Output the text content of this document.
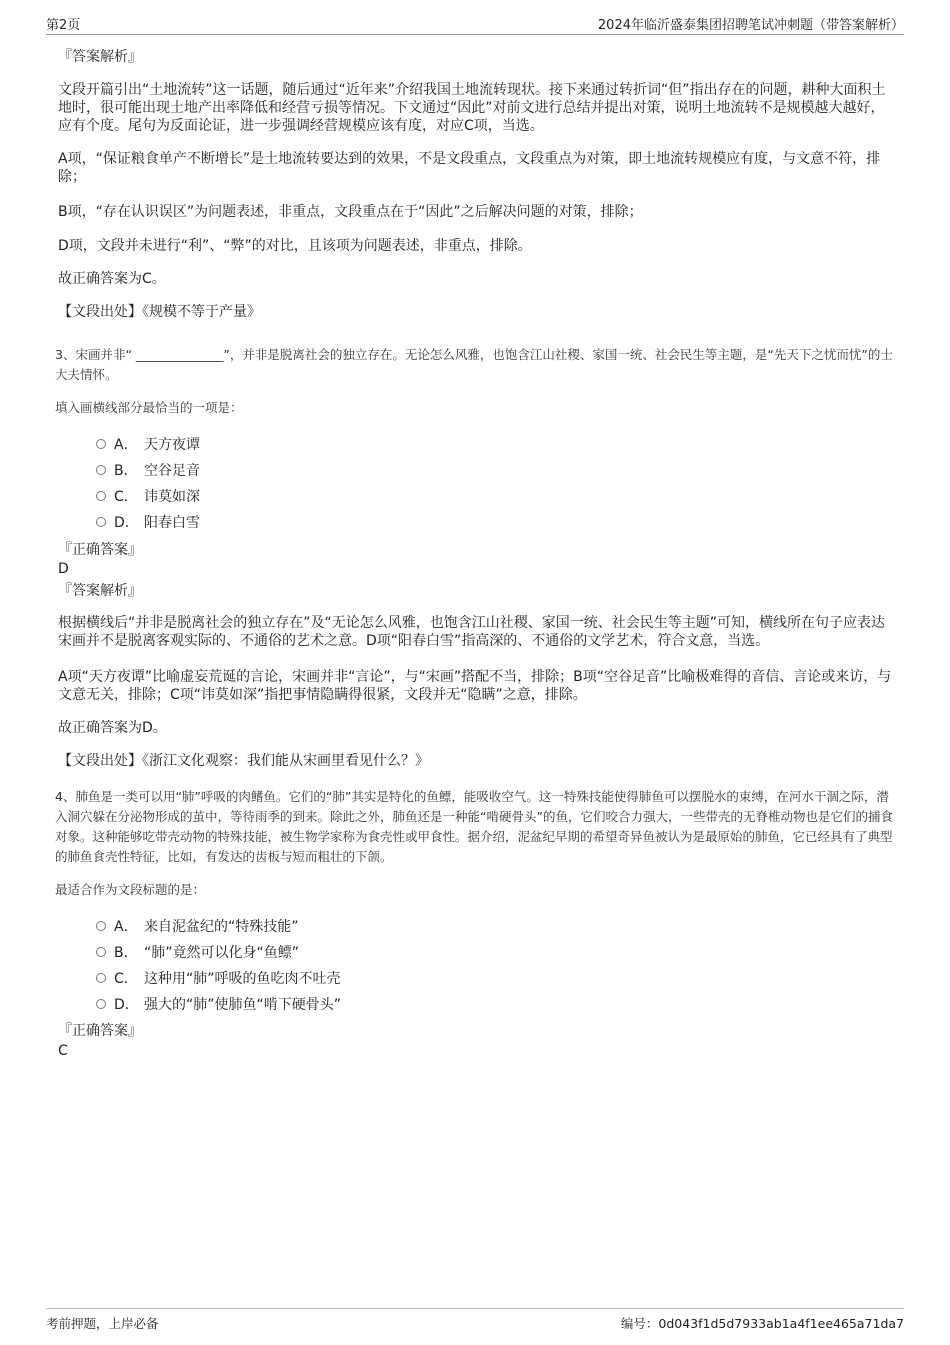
第2页	2024年临沂盛泰集团招聘笔试冲刺题（带答案解析）

『答案解析』

文段开篇引出“土地流转”这一话题，随后通过“近年来”介绍我国土地流转现状。接下来通过转折词“但”指出存在的问题，耕种大面积土地时，很可能出现土地产出率降低和经营亏损等情况。下文通过“因此”对前文进行总结并提出对策，说明土地流转不是规模越大越好，应有个度。尾句为反面论证，进一步强调经营规模应该有度，对应C项，当选。

A项，“保证粮食单产不断增长”是土地流转要达到的效果，不是文段重点，文段重点为对策，即土地流转规模应有度，与文意不符，排除；

B项，“存在认识误区”为问题表述，非重点，文段重点在于“因此”之后解决问题的对策，排除；

D项，文段并未进行“利”、“弊”的对比，且该项为问题表述，非重点，排除。

故正确答案为C。

【文段出处】《规模不等于产量》

3、宋画并非“ ______________”，并非是脱离社会的独立存在。无论怎么风雅，也饱含江山社稷、家国一统、社会民生等主题，是“先天下之忧而忧”的士大夫情怀。

填入画横线部分最恰当的一项是：

A． 天方夜谭
B． 空谷足音
C． 讳莫如深
D． 阳春白雪

『正确答案』

D

『答案解析』

根据横线后“并非是脱离社会的独立存在”及“无论怎么风雅，也饱含江山社稷、家国一统、社会民生等主题”可知，横线所在句子应表达宋画并不是脱离客观实际的、不通俗的艺术之意。D项“阳春白雪”指高深的、不通俗的文学艺术，符合文意，当选。

A项“天方夜谭”比喻虚妄荒诞的言论，宋画并非“言论”，与“宋画”搭配不当，排除；B项“空谷足音”比喻极难得的音信、言论或来访，与文意无关，排除；C项“讳莫如深”指把事情隐瞒得很紧，文段并无“隐瞒”之意，排除。

故正确答案为D。

【文段出处】《浙江文化观察：我们能从宋画里看见什么？》

4、肺鱼是一类可以用“肺”呼吸的肉鳍鱼。它们的“肺”其实是特化的鱼鳔，能吸收空气。这一特殊技能使得肺鱼可以摆脱水的束缚，在河水干涸之际，潜入洞穴躲在分泌物形成的茧中，等待雨季的到来。除此之外，肺鱼还是一种能“啃硬骨头”的鱼，它们咬合力强大，一些带壳的无脊椎动物也是它们的捕食对象。这种能够吃带壳动物的特殊技能，被生物学家称为食壳性或甲食性。据介绍，泥盆纪早期的希望奇异鱼被认为是最原始的肺鱼，它已经具有了典型的肺鱼食壳性特征，比如，有发达的齿板与短而粗壮的下颌。

最适合作为文段标题的是：

A． 来自泥盆纪的“特殊技能”
B． “肺”竟然可以化身“鱼鳔”
C． 这种用“肺”呼吸的鱼吃肉不吐壳
D． 强大的“肺”使肺鱼“啃下硬骨头”

『正确答案』

C

考前押题，上岸必备	编号：0d043f1d5d7933ab1a4f1ee465a71da7
